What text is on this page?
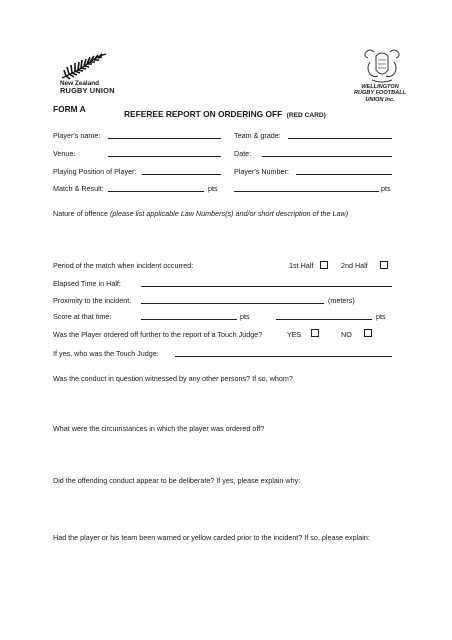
New Zealand
RUGBY UNION	WELLINGTON
RUGBY FOOTBALL
UNION Inc.
FORM A	REFEREE REPORT ON ORDERING OFF (RED CARD)
Player's name:	Team & grade:
Venue:	Date:
Playing Position of Player:	Player's Number:
Match & Result:	pts	pts
Nature of offence (please list applicable Law Numbers(s) and/or short description of the Law)
Period of the match when incident occurred:	1st Half	2nd Half
Elapsed Time in Half:
Proximity to the incident:	(meters)
Score at that time:	pts	pts
Was the Player ordered off further to the report of a Touch Judge?	YES	NO
If yes, who was the Touch Judge:
Was the conduct in question witnessed by any other persons? If so, whom?
What were the circumstances in which the player was ordered off?
Did the offending conduct appear to be deliberate? If yes, please explain why:
Had the player or his team been warned or yellow carded prior to the incident? If so, please explain:
